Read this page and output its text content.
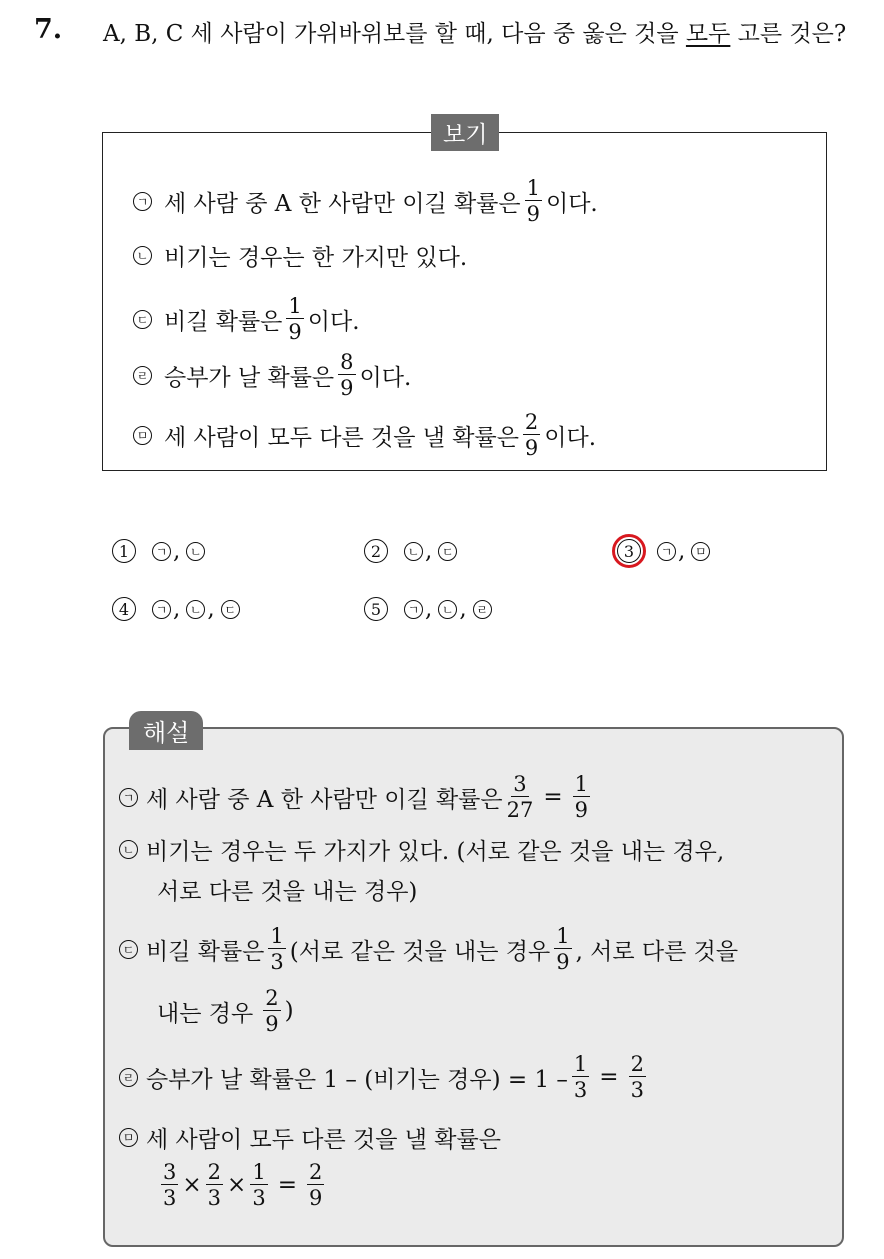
7. A, B, C 세 사람이 가위바위보를 할 때, 다음 중 옳은 것을 모두 고른 것은?
보기
ㄱ 세 사람 중 A 한 사람만 이길 확률은 $\frac{1}{9}$ 이다.
ㄴ 비기는 경우는 한 가지만 있다.
ㄷ 비길 확률은 $\frac{1}{9}$ 이다.
ㄹ 승부가 날 확률은 $\frac{8}{9}$ 이다.
ㅁ 세 사람이 모두 다른 것을 낼 확률은 $\frac{2}{9}$ 이다.
1	ㄱ , ㄴ	2	ㄴ , ㄷ	3	ㄱ , ㅁ
4	ㄱ , ㄴ , ㄷ	5	ㄱ , ㄴ , ㄹ
해설
ㄱ 세 사람 중 A 한 사람만 이길 확률은 $\frac{3}{27} = \frac{1}{9}$
ㄴ 비기는 경우는 두 가지가 있다. (서로 같은 것을 내는 경우,
서로 다른 것을 내는 경우)
ㄷ 비길 확률은 $\frac{1}{3}$ (서로 같은 것을 내는 경우 $\frac{1}{9}$ , 서로 다른 것을
내는 경우 $\frac{2}{9}$ )
ㄹ 승부가 날 확률은 1 – (비기는 경우) = $1 - \frac{1}{3} = \frac{2}{3}$
ㅁ 세 사람이 모두 다른 것을 낼 확률은
$\frac{3}{3} \times \frac{2}{3} \times \frac{1}{3} = \frac{2}{9}$
